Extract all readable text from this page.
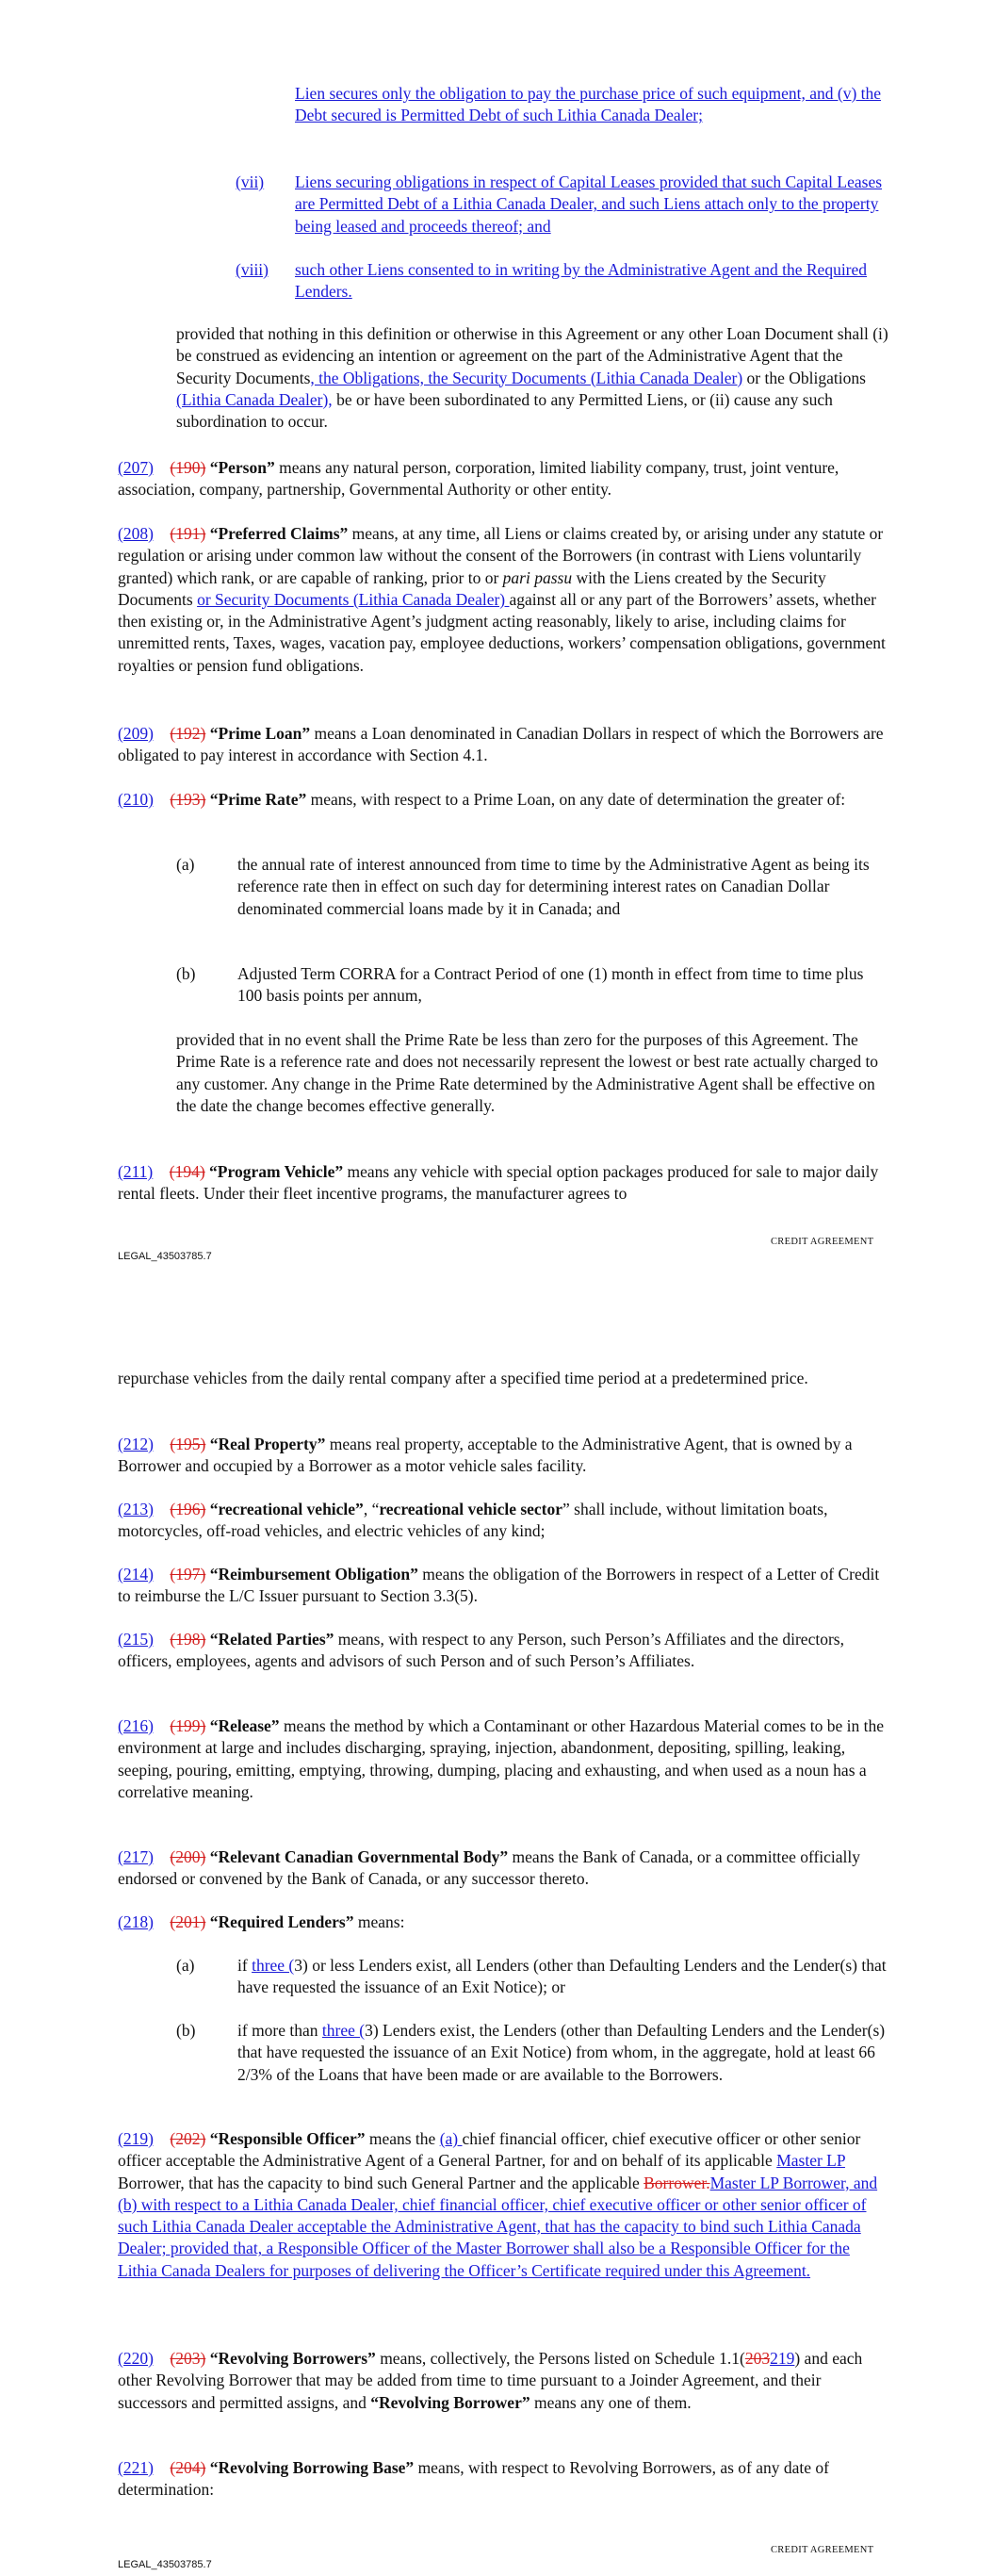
Lien secures only the obligation to pay the purchase price of such equipment, and (v) the Debt secured is Permitted Debt of such Lithia Canada Dealer;
(vii) Liens securing obligations in respect of Capital Leases provided that such Capital Leases are Permitted Debt of a Lithia Canada Dealer, and such Liens attach only to the property being leased and proceeds thereof; and
(viii) such other Liens consented to in writing by the Administrative Agent and the Required Lenders.
provided that nothing in this definition or otherwise in this Agreement or any other Loan Document shall (i) be construed as evidencing an intention or agreement on the part of the Administrative Agent that the Security Documents, the Obligations, the Security Documents (Lithia Canada Dealer) or the Obligations (Lithia Canada Dealer), be or have been subordinated to any Permitted Liens, or (ii) cause any such subordination to occur.
(207) (190) “Person” means any natural person, corporation, limited liability company, trust, joint venture, association, company, partnership, Governmental Authority or other entity.
(208) (191) “Preferred Claims” means, at any time, all Liens or claims created by, or arising under any statute or regulation or arising under common law without the consent of the Borrowers (in contrast with Liens voluntarily granted) which rank, or are capable of ranking, prior to or pari passu with the Liens created by the Security Documents or Security Documents (Lithia Canada Dealer) against all or any part of the Borrowers’ assets, whether then existing or, in the Administrative Agent’s judgment acting reasonably, likely to arise, including claims for unremitted rents, Taxes, wages, vacation pay, employee deductions, workers’ compensation obligations, government royalties or pension fund obligations.
(209) (192) “Prime Loan” means a Loan denominated in Canadian Dollars in respect of which the Borrowers are obligated to pay interest in accordance with Section 4.1.
(210) (193) “Prime Rate” means, with respect to a Prime Loan, on any date of determination the greater of:
(a)	the annual rate of interest announced from time to time by the Administrative Agent as being its reference rate then in effect on such day for determining interest rates on Canadian Dollar denominated commercial loans made by it in Canada; and
(b)	Adjusted Term CORRA for a Contract Period of one (1) month in effect from time to time plus 100 basis points per annum,
provided that in no event shall the Prime Rate be less than zero for the purposes of this Agreement. The Prime Rate is a reference rate and does not necessarily represent the lowest or best rate actually charged to any customer. Any change in the Prime Rate determined by the Administrative Agent shall be effective on the date the change becomes effective generally.
(211) (194) “Program Vehicle” means any vehicle with special option packages produced for sale to major daily rental fleets. Under their fleet incentive programs, the manufacturer agrees to
CREDIT AGREEMENT
LEGAL_43503785.7
repurchase vehicles from the daily rental company after a specified time period at a predetermined price.
(212) (195) “Real Property” means real property, acceptable to the Administrative Agent, that is owned by a Borrower and occupied by a Borrower as a motor vehicle sales facility.
(213) (196) “recreational vehicle”, “recreational vehicle sector” shall include, without limitation boats, motorcycles, off-road vehicles, and electric vehicles of any kind;
(214) (197) “Reimbursement Obligation” means the obligation of the Borrowers in respect of a Letter of Credit to reimburse the L/C Issuer pursuant to Section 3.3(5).
(215) (198) “Related Parties” means, with respect to any Person, such Person’s Affiliates and the directors, officers, employees, agents and advisors of such Person and of such Person’s Affiliates.
(216) (199) “Release” means the method by which a Contaminant or other Hazardous Material comes to be in the environment at large and includes discharging, spraying, injection, abandonment, depositing, spilling, leaking, seeping, pouring, emitting, emptying, throwing, dumping, placing and exhausting, and when used as a noun has a correlative meaning.
(217) (200) “Relevant Canadian Governmental Body” means the Bank of Canada, or a committee officially endorsed or convened by the Bank of Canada, or any successor thereto.
(218) (201) “Required Lenders” means:
(a)	if three (3) or less Lenders exist, all Lenders (other than Defaulting Lenders and the Lender(s) that have requested the issuance of an Exit Notice); or
(b)	if more than three (3) Lenders exist, the Lenders (other than Defaulting Lenders and the Lender(s) that have requested the issuance of an Exit Notice) from whom, in the aggregate, hold at least 66 2/3% of the Loans that have been made or are available to the Borrowers.
(219) (202) “Responsible Officer” means the (a) chief financial officer, chief executive officer or other senior officer acceptable the Administrative Agent of a General Partner, for and on behalf of its applicable Master LP Borrower, that has the capacity to bind such General Partner and the applicable Borrower.Master LP Borrower, and (b) with respect to a Lithia Canada Dealer, chief financial officer, chief executive officer or other senior officer of such Lithia Canada Dealer acceptable the Administrative Agent, that has the capacity to bind such Lithia Canada Dealer; provided that, a Responsible Officer of the Master Borrower shall also be a Responsible Officer for the Lithia Canada Dealers for purposes of delivering the Officer’s Certificate required under this Agreement.
(220) (203) “Revolving Borrowers” means, collectively, the Persons listed on Schedule 1.1(203219) and each other Revolving Borrower that may be added from time to time pursuant to a Joinder Agreement, and their successors and permitted assigns, and “Revolving Borrower” means any one of them.
(221) (204) “Revolving Borrowing Base” means, with respect to Revolving Borrowers, as of any date of determination:
CREDIT AGREEMENT
LEGAL_43503785.7
